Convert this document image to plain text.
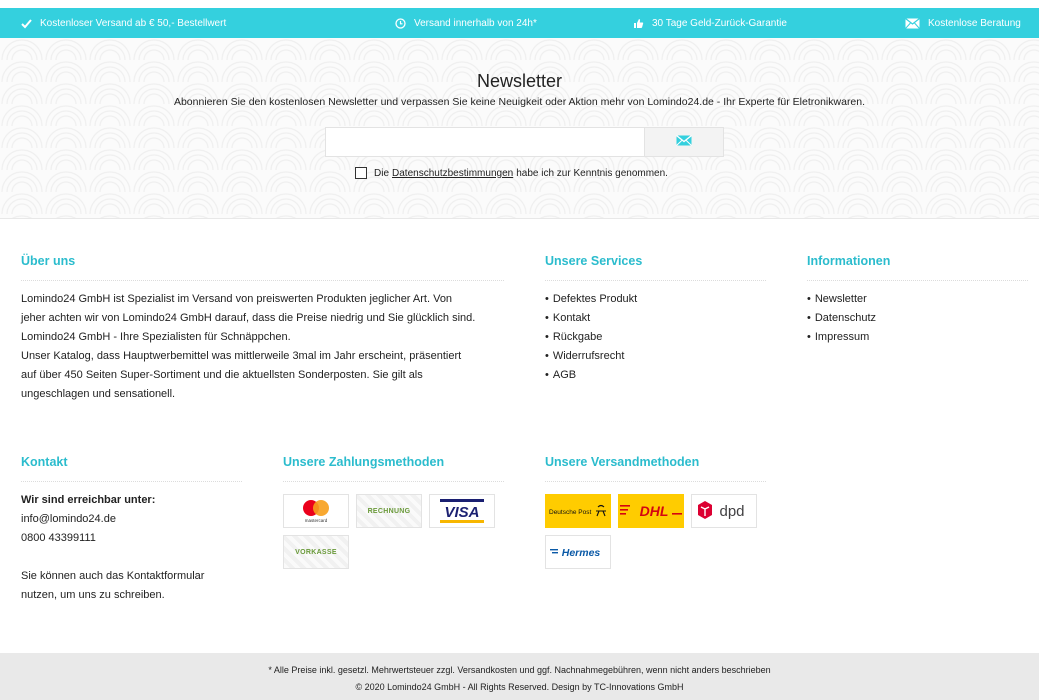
Kostenloser Versand ab € 50,- Bestellwert	Versand innerhalb von 24h*	30 Tage Geld-Zurück-Garantie	Kostenlose Beratung
Newsletter
Abonnieren Sie den kostenlosen Newsletter und verpassen Sie keine Neuigkeit oder Aktion mehr von Lomindo24.de - Ihr Experte für Eletronikwaren.
Die Datenschutzbestimmungen habe ich zur Kenntnis genommen.
Über uns
Lomindo24 GmbH ist Spezialist im Versand von preiswerten Produkten jeglicher Art. Von
jeher achten wir von Lomindo24 GmbH darauf, dass die Preise niedrig und Sie glücklich sind.
Lomindo24 GmbH - Ihre Spezialisten für Schnäppchen.
Unser Katalog, dass Hauptwerbemittel was mittlerweile 3mal im Jahr erscheint, präsentiert
auf über 450 Seiten Super-Sortiment und die aktuellsten Sonderposten. Sie gilt als
ungeschlagen und sensationell.
Unsere Services
• Defektes Produkt
• Kontakt
• Rückgabe
• Widerrufsrecht
• AGB
Informationen
• Newsletter
• Datenschutz
• Impressum
Kontakt
Wir sind erreichbar unter:
info@lomindo24.de
0800 43399111
Sie können auch das Kontaktformular
nutzen, um uns zu schreiben.
Unsere Zahlungsmethoden
mastercard
RECHNUNG VISA
VORKASSE
Unsere Versandmethoden
Deutsche Post	DHL	dpd
Hermes
* Alle Preise inkl. gesetzl. Mehrwertsteuer zzgl. Versandkosten und ggf. Nachnahmegebühren, wenn nicht anders beschrieben
© 2020 Lomindo24 GmbH - All Rights Reserved. Design by TC-Innovations GmbH
